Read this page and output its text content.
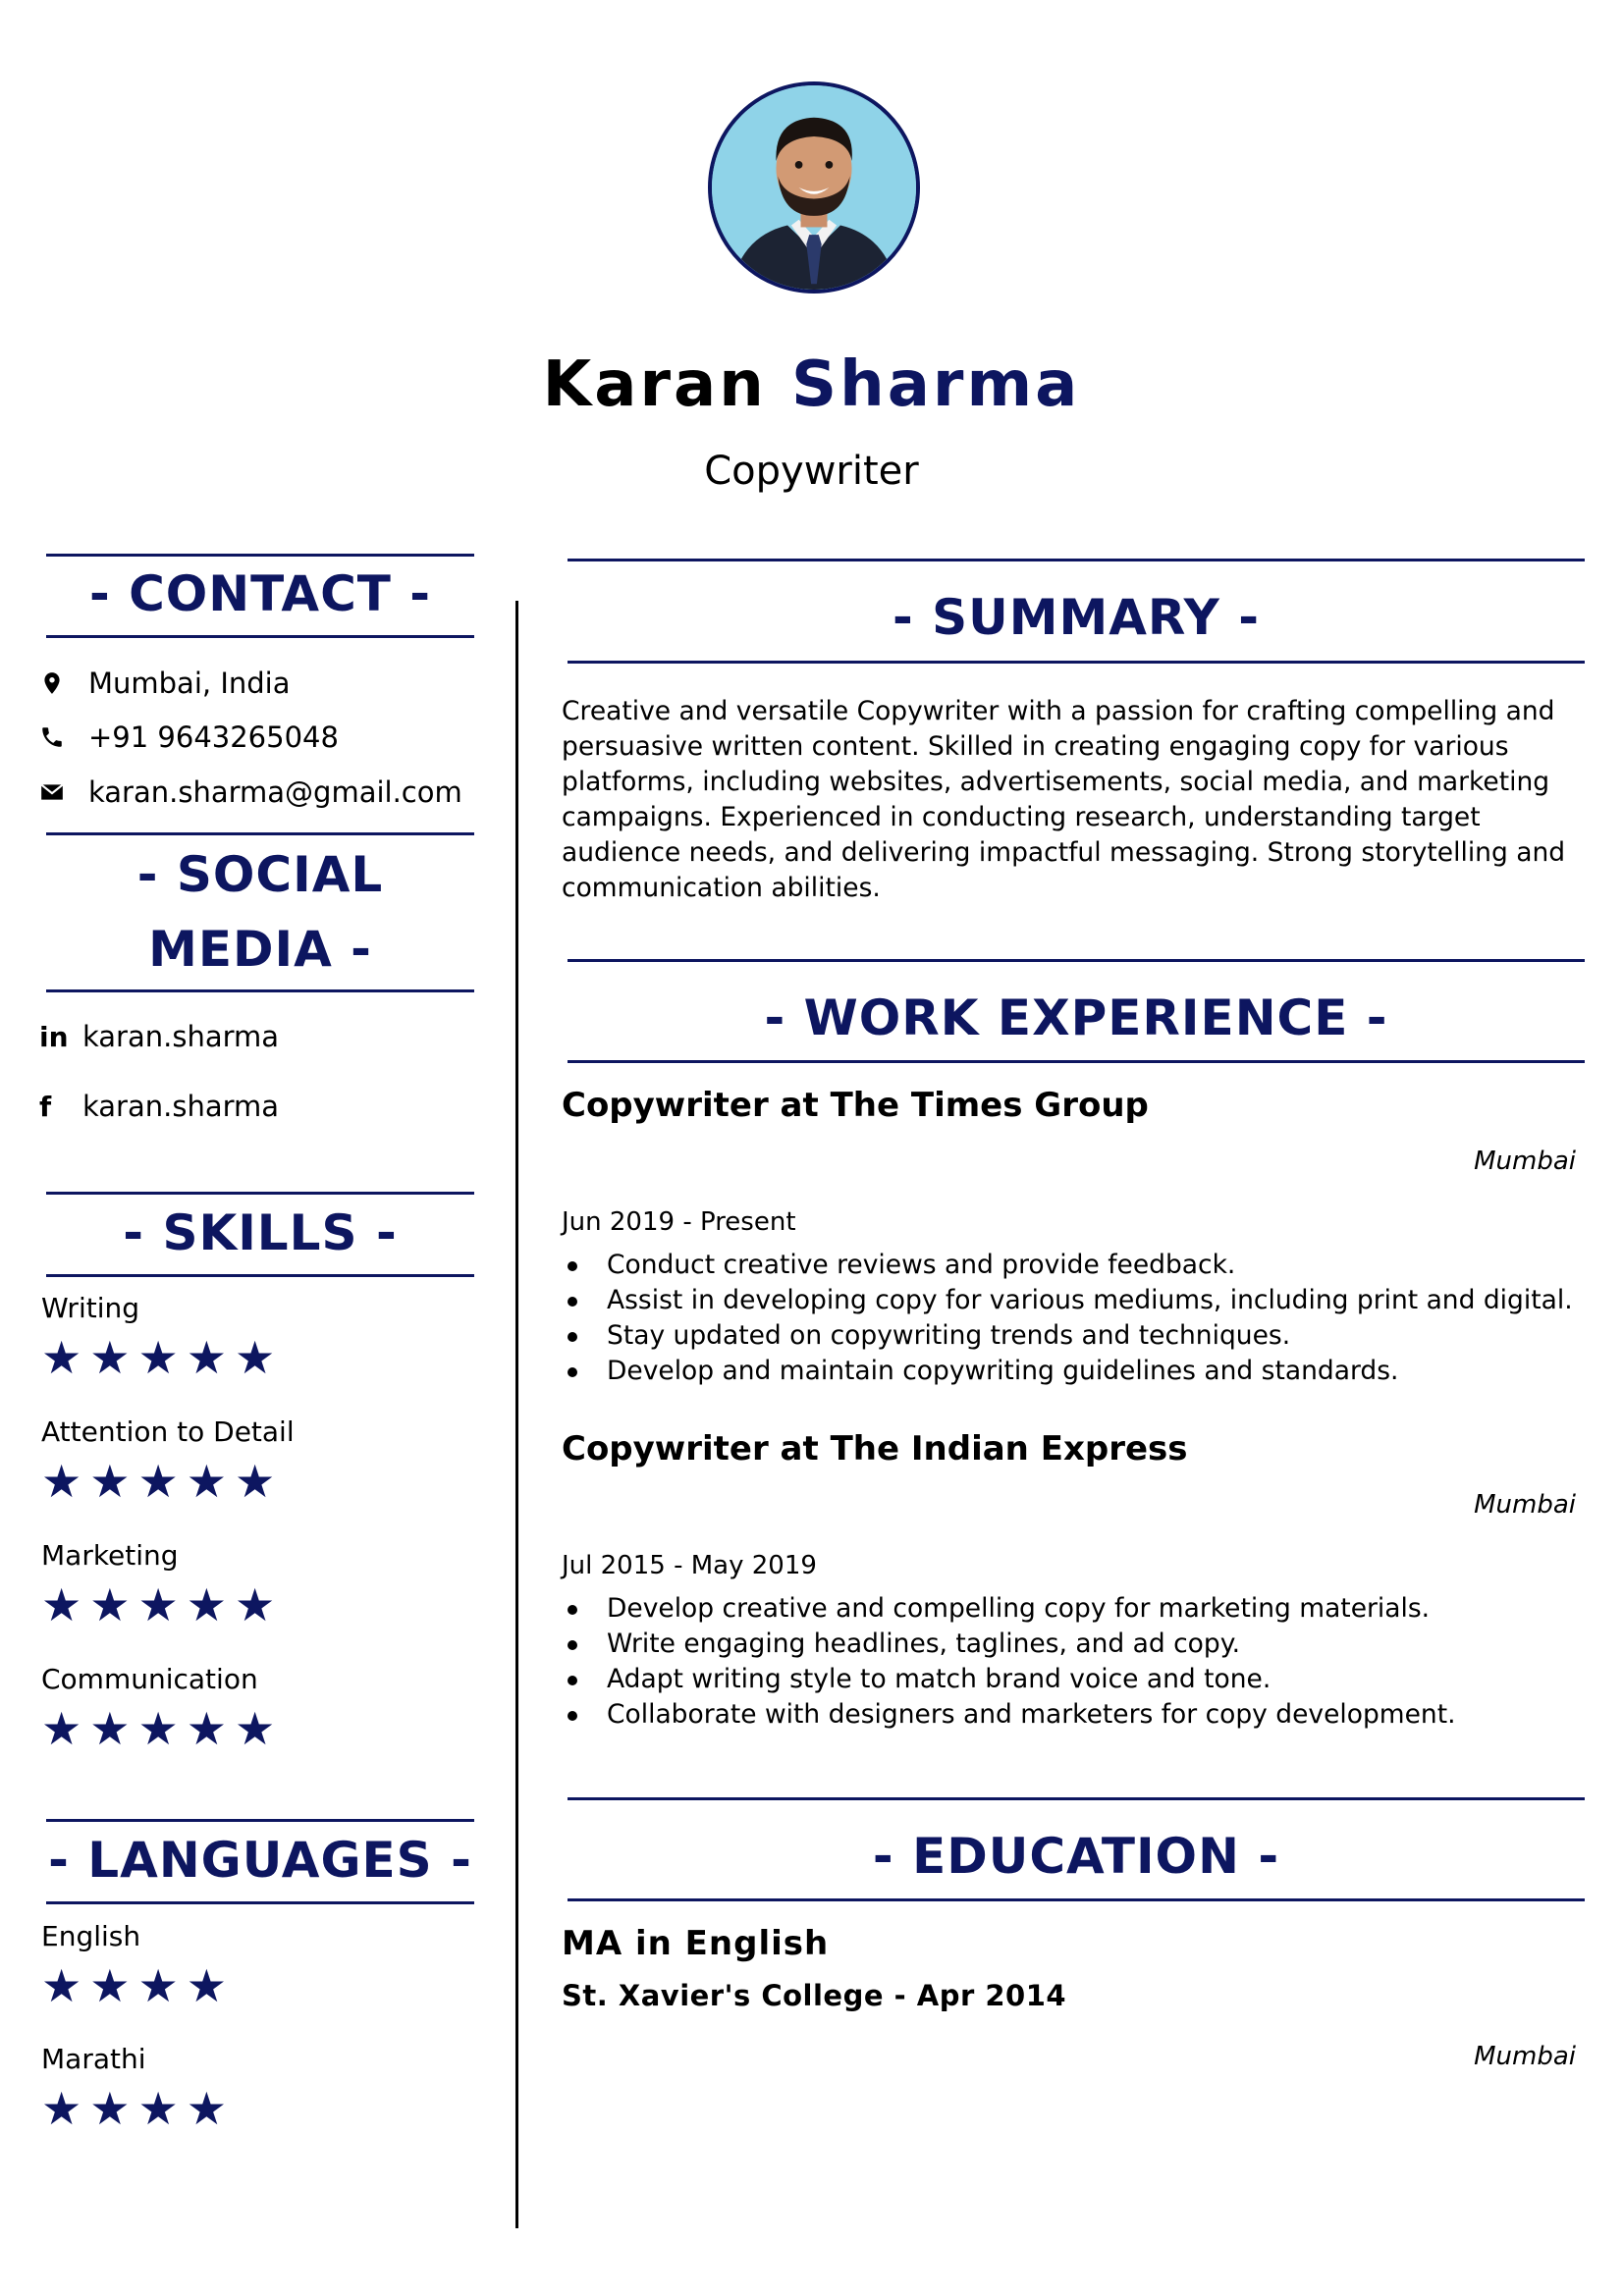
Karan Sharma
Copywriter
- CONTACT -
Mumbai, India
+91 9643265048
karan.sharma@gmail.com
- SOCIAL
MEDIA -
in karan.sharma
f	karan.sharma
- SKILLS -
Writing
★★★★★
Attention to Detail
★★★★★
Marketing
★★★★★
Communication
★★★★★
- LANGUAGES -
English
★★★★
Marathi
★★★★
- SUMMARY -
Creative and versatile Copywriter with a passion for crafting compelling and persuasive written content. Skilled in creating engaging copy for various platforms, including websites, advertisements, social media, and marketing campaigns. Experienced in conducting research, understanding target audience needs, and delivering impactful messaging. Strong storytelling and communication abilities.
- WORK EXPERIENCE -
Copywriter at The Times Group
Mumbai
Jun 2019 - Present
Conduct creative reviews and provide feedback.
Assist in developing copy for various mediums, including print and digital.
Stay updated on copywriting trends and techniques.
Develop and maintain copywriting guidelines and standards.
Copywriter at The Indian Express
Mumbai
Jul 2015 - May 2019
Develop creative and compelling copy for marketing materials.
Write engaging headlines, taglines, and ad copy.
Adapt writing style to match brand voice and tone.
Collaborate with designers and marketers for copy development.
- EDUCATION -
MA in English
St. Xavier's College - Apr 2014
Mumbai
